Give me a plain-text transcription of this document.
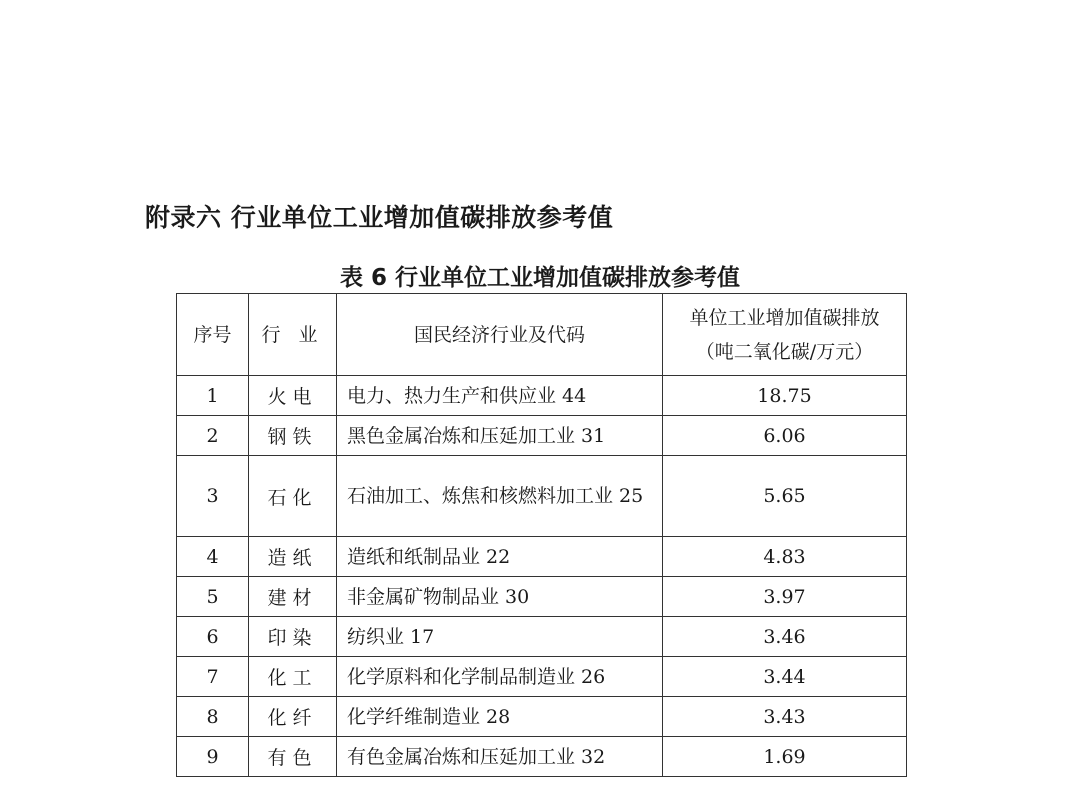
附录六 行业单位工业增加值碳排放参考值
表 6 行业单位工业增加值碳排放参考值
序号	行 业	国民经济行业及代码	单位工业增加值碳排放
（吨二氧化碳/万元）

1	火电	电力、热力生产和供应业 44	18.75
2	钢铁	黑色金属冶炼和压延加工业 31	6.06
3	石化	石油加工、炼焦和核燃料加工业 25	5.65
4	造纸	造纸和纸制品业 22	4.83
5	建材	非金属矿物制品业 30	3.97
6	印染	纺织业 17	3.46
7	化工	化学原料和化学制品制造业 26	3.44
8	化纤	化学纤维制造业 28	3.43
9	有色	有色金属冶炼和压延加工业 32	1.69
